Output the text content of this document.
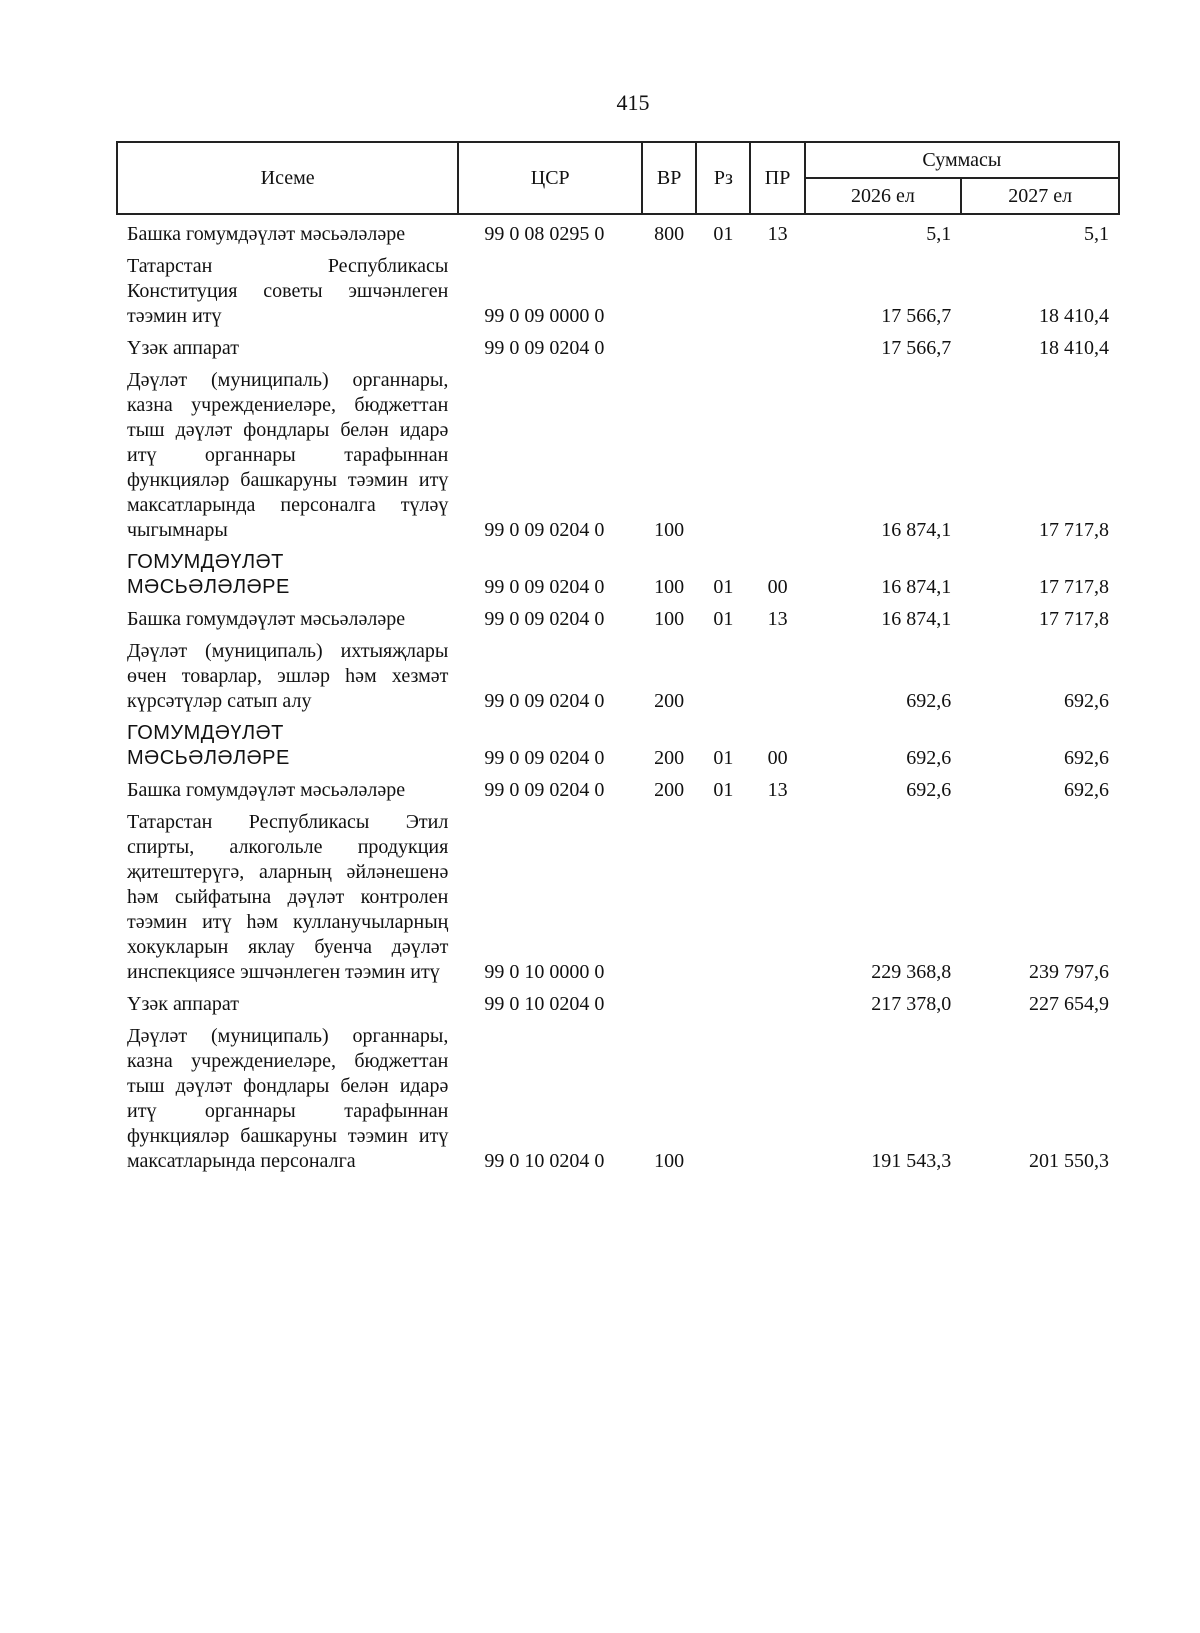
415
Исеме	ЦСР	ВР	Рз	ПР	Суммасы	
					2026 ел	2027 ел
Башка гомумдәүләт мәсьәләләре	99 0 08 0295 0	800	01	13	5,1	5,1
Татарстан Республикасы Конституция советы эшчәнлеген тәэмин итү	99 0 09 0000 0				17 566,7	18 410,4
Үзәк аппарат	99 0 09 0204 0				17 566,7	18 410,4
Дәүләт (муниципаль) органнары, казна учреждениеләре, бюджеттан тыш дәүләт фондлары белән идарә итү органнары тарафыннан функцияләр башкаруны тәэмин итү максатларында персоналга түләү чыгымнары	99 0 09 0204 0	100			16 874,1	17 717,8
ГОМУМДӘҮЛӘТ МӘСЬӘЛӘЛӘРЕ	99 0 09 0204 0	100	01	00	16 874,1	17 717,8
Башка гомумдәүләт мәсьәләләре	99 0 09 0204 0	100	01	13	16 874,1	17 717,8
Дәүләт (муниципаль) ихтыяҗлары өчен товарлар, эшләр һәм хезмәт күрсәтүләр сатып алу	99 0 09 0204 0	200			692,6	692,6
ГОМУМДӘҮЛӘТ МӘСЬӘЛӘЛӘРЕ	99 0 09 0204 0	200	01	00	692,6	692,6
Башка гомумдәүләт мәсьәләләре	99 0 09 0204 0	200	01	13	692,6	692,6
Татарстан Республикасы Этил спирты, алкогольле продукция җитештерүгә, аларның әйләнешенә һәм сыйфатына дәүләт контролен тәэмин итү һәм кулланучыларның хокукларын яклау буенча дәүләт инспекциясе эшчәнлеген тәэмин итү	99 0 10 0000 0				229 368,8	239 797,6
Үзәк аппарат	99 0 10 0204 0				217 378,0	227 654,9
Дәүләт (муниципаль) органнары, казна учреждениеләре, бюджеттан тыш дәүләт фондлары белән идарә итү органнары тарафыннан функцияләр башкаруны тәэмин итү максатларында персоналга	99 0 10 0204 0	100			191 543,3	201 550,3
